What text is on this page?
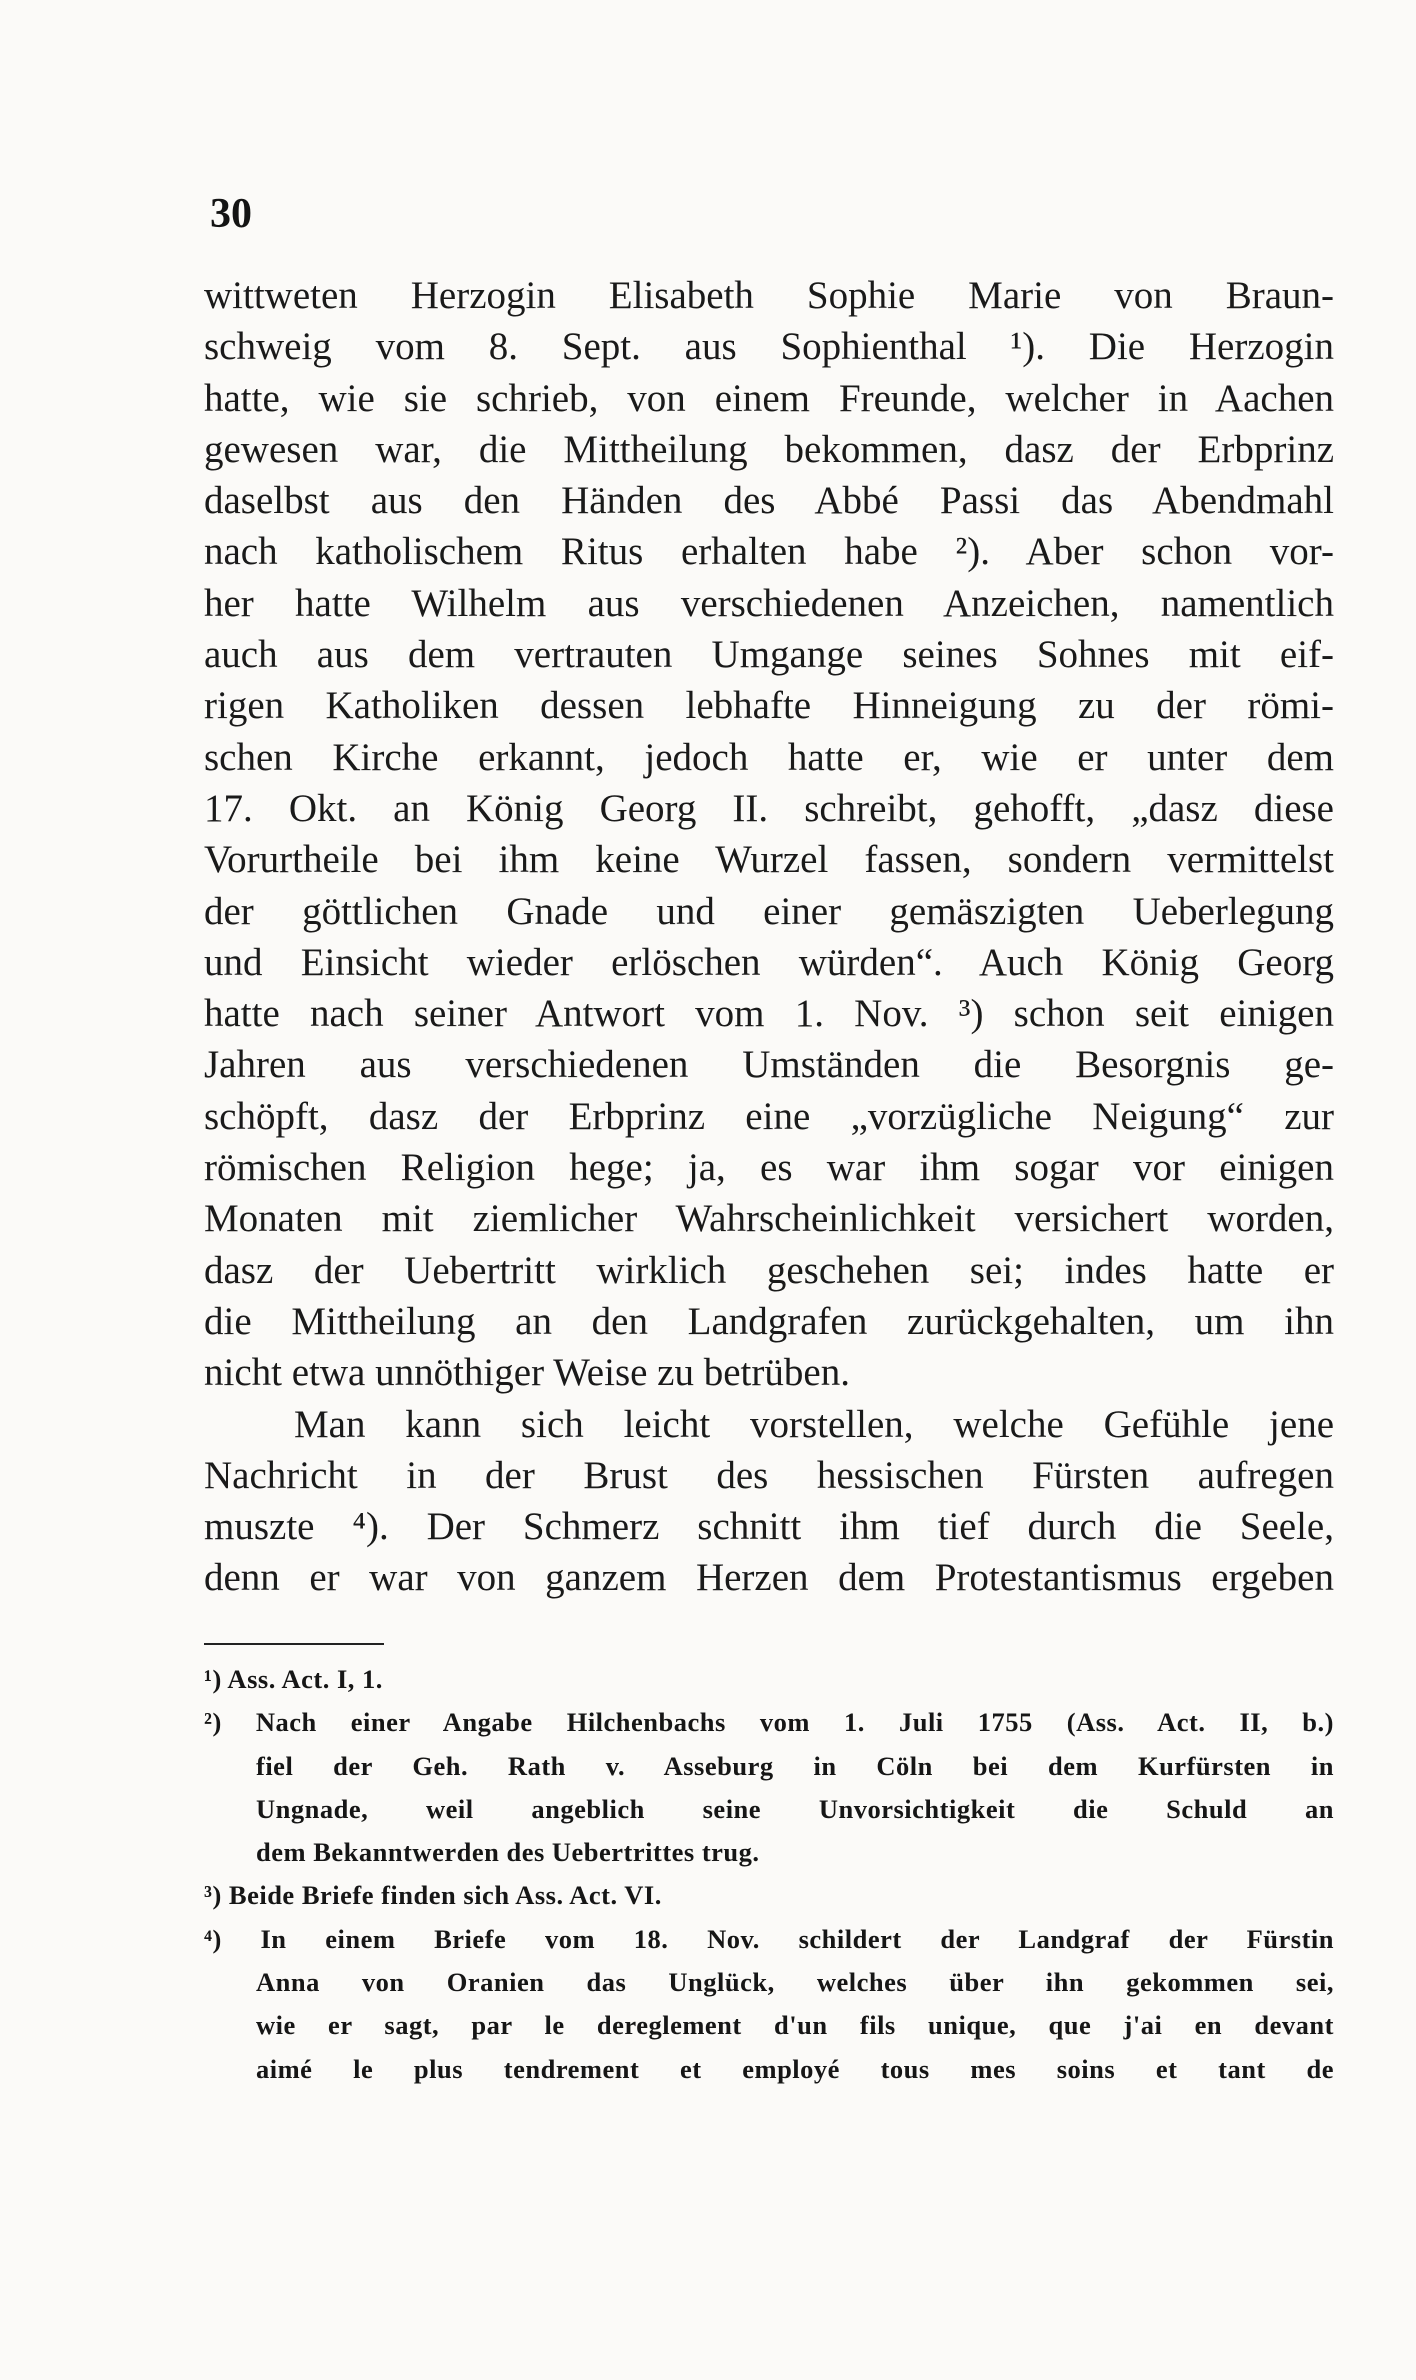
30
wittweten Herzogin Elisabeth Sophie Marie von Braun-
schweig vom 8. Sept. aus Sophienthal ¹). Die Herzogin
hatte, wie sie schrieb, von einem Freunde, welcher in Aachen
gewesen war, die Mittheilung bekommen, dasz der Erbprinz
daselbst aus den Händen des Abbé Passi das Abendmahl
nach katholischem Ritus erhalten habe ²). Aber schon vor-
her hatte Wilhelm aus verschiedenen Anzeichen, namentlich
auch aus dem vertrauten Umgange seines Sohnes mit eif-
rigen Katholiken dessen lebhafte Hinneigung zu der römi-
schen Kirche erkannt, jedoch hatte er, wie er unter dem
17. Okt. an König Georg II. schreibt, gehofft, „dasz diese
Vorurtheile bei ihm keine Wurzel fassen, sondern vermittelst
der göttlichen Gnade und einer gemäszigten Ueberlegung
und Einsicht wieder erlöschen würden“. Auch König Georg
hatte nach seiner Antwort vom 1. Nov. ³) schon seit einigen
Jahren aus verschiedenen Umständen die Besorgnis ge-
schöpft, dasz der Erbprinz eine „vorzügliche Neigung“ zur
römischen Religion hege; ja, es war ihm sogar vor einigen
Monaten mit ziemlicher Wahrscheinlichkeit versichert worden,
dasz der Uebertritt wirklich geschehen sei; indes hatte er
die Mittheilung an den Landgrafen zurückgehalten, um ihn
nicht etwa unnöthiger Weise zu betrüben.
Man kann sich leicht vorstellen, welche Gefühle jene
Nachricht in der Brust des hessischen Fürsten aufregen
muszte ⁴). Der Schmerz schnitt ihm tief durch die Seele,
denn er war von ganzem Herzen dem Protestantismus ergeben
¹) Ass. Act. I, 1.
²) Nach einer Angabe Hilchenbachs vom 1. Juli 1755 (Ass. Act. II, b.)
fiel der Geh. Rath v. Asseburg in Cöln bei dem Kurfürsten in
Ungnade, weil angeblich seine Unvorsichtigkeit die Schuld an
dem Bekanntwerden des Uebertrittes trug.
³) Beide Briefe finden sich Ass. Act. VI.
⁴) In einem Briefe vom 18. Nov. schildert der Landgraf der Fürstin
Anna von Oranien das Unglück, welches über ihn gekommen sei,
wie er sagt, par le dereglement d'un fils unique, que j'ai en devant
aimé le plus tendrement et employé tous mes soins et tant de
